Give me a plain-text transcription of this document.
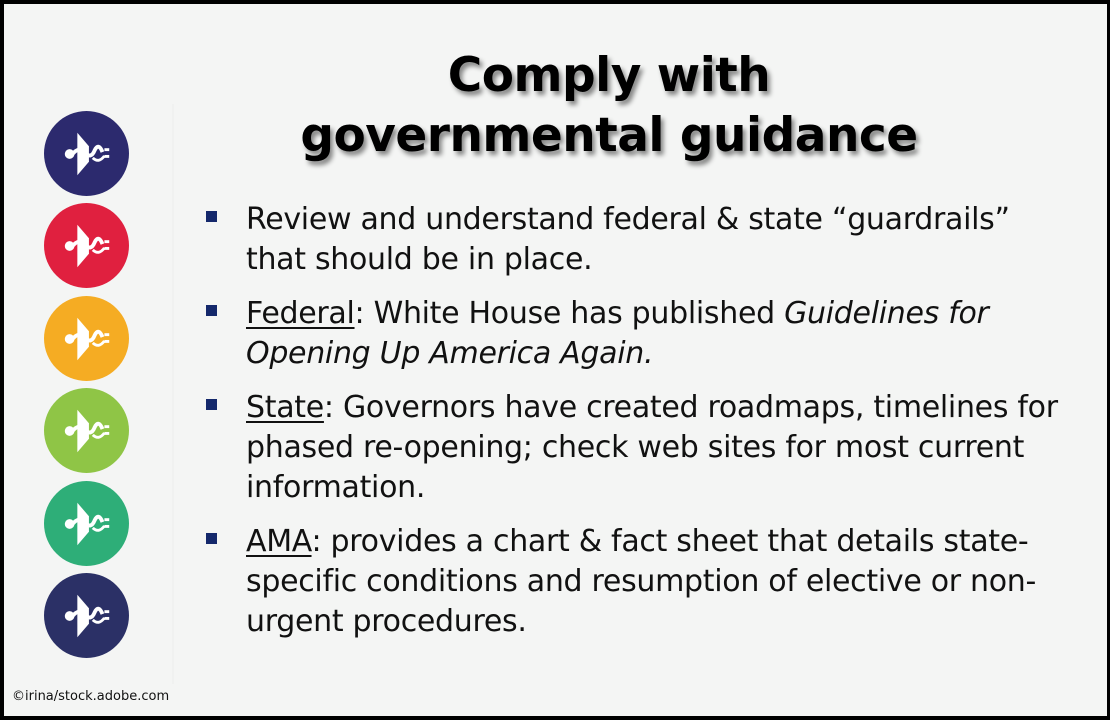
Comply with
governmental guidance
Review and understand federal & state “guardrails” that should be in place.
Federal: White House has published Guidelines for Opening Up America Again.
State: Governors have created roadmaps, timelines for phased re-opening; check web sites for most current information.
AMA: provides a chart & fact sheet that details state-specific conditions and resumption of elective or non-urgent procedures.
©irina/stock.adobe.com
